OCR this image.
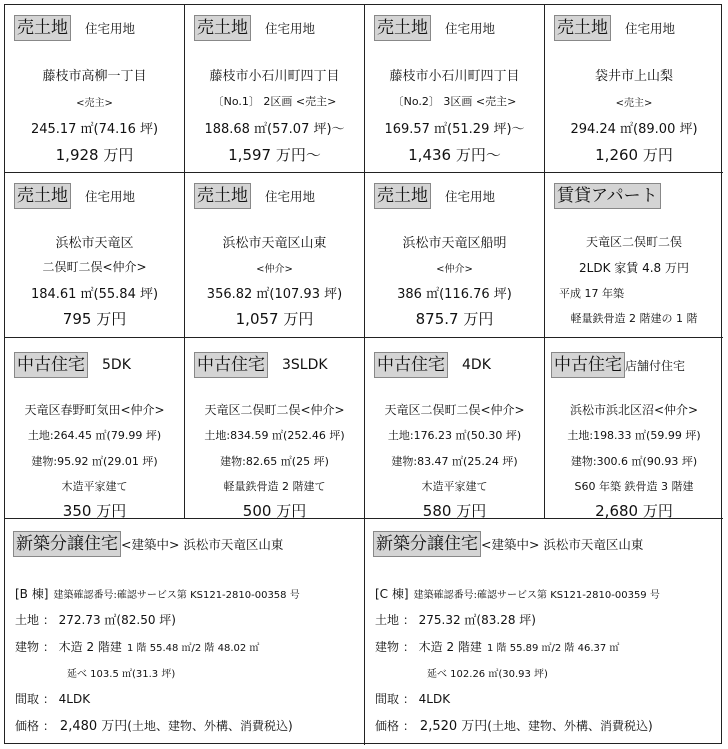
売土地 住宅用地
藤枝市高柳一丁目
<売主>
245.17 ㎡(74.16 坪)
1,928 万円
売土地 住宅用地
藤枝市小石川町四丁目
〔No.1〕 2区画 <売主>
188.68 ㎡(57.07 坪)～
1,597 万円～
売土地 住宅用地
藤枝市小石川町四丁目
〔No.2〕 3区画 <売主>
169.57 ㎡(51.29 坪)～
1,436 万円～
売土地 住宅用地
袋井市上山梨
<売主>
294.24 ㎡(89.00 坪)
1,260 万円
売土地 住宅用地
浜松市天竜区
二俣町二俣<仲介>
184.61 ㎡(55.84 坪)
795 万円
売土地 住宅用地
浜松市天竜区山東
<仲介>
356.82 ㎡(107.93 坪)
1,057 万円
売土地 住宅用地
浜松市天竜区船明
<仲介>
386 ㎡(116.76 坪)
875.7 万円
賃貸アパート
天竜区二俣町二俣
2LDK 家賃 4.8 万円
平成 17 年築
軽量鉄骨造 2 階建の 1 階
中古住宅 5DK
天竜区春野町気田<仲介>
土地:264.45 ㎡(79.99 坪)
建物:95.92 ㎡(29.01 坪)
木造平家建て
350 万円
中古住宅 3SLDK
天竜区二俣町二俣<仲介>
土地:834.59 ㎡(252.46 坪)
建物:82.65 ㎡(25 坪)
軽量鉄骨造 2 階建て
500 万円
中古住宅 4DK
天竜区二俣町二俣<仲介>
土地:176.23 ㎡(50.30 坪)
建物:83.47 ㎡(25.24 坪)
木造平家建て
580 万円
中古住宅 店舗付住宅
浜松市浜北区沼<仲介>
土地:198.33 ㎡(59.99 坪)
建物:300.6 ㎡(90.93 坪)
S60 年築 鉄骨造 3 階建
2,680 万円
新築分譲住宅 <建築中> 浜松市天竜区山東
[B 棟] 建築確認番号:確認サービス第 KS121-2810-00358 号
土地 ： 272.73 ㎡(82.50 坪)
建物 ： 木造 2 階建 1 階 55.48 ㎡/2 階 48.02 ㎡
延べ 103.5 ㎡(31.3 坪)
間取 ： 4LDK
価格 ： 2,480 万円(土地、建物、外構、消費税込)
新築分譲住宅 <建築中> 浜松市天竜区山東
[C 棟] 建築確認番号:確認サービス第 KS121-2810-00359 号
土地 ： 275.32 ㎡(83.28 坪)
建物 ： 木造 2 階建 1 階 55.89 ㎡/2 階 46.37 ㎡
延べ 102.26 ㎡(30.93 坪)
間取 ： 4LDK
価格 ： 2,520 万円(土地、建物、外構、消費税込)
